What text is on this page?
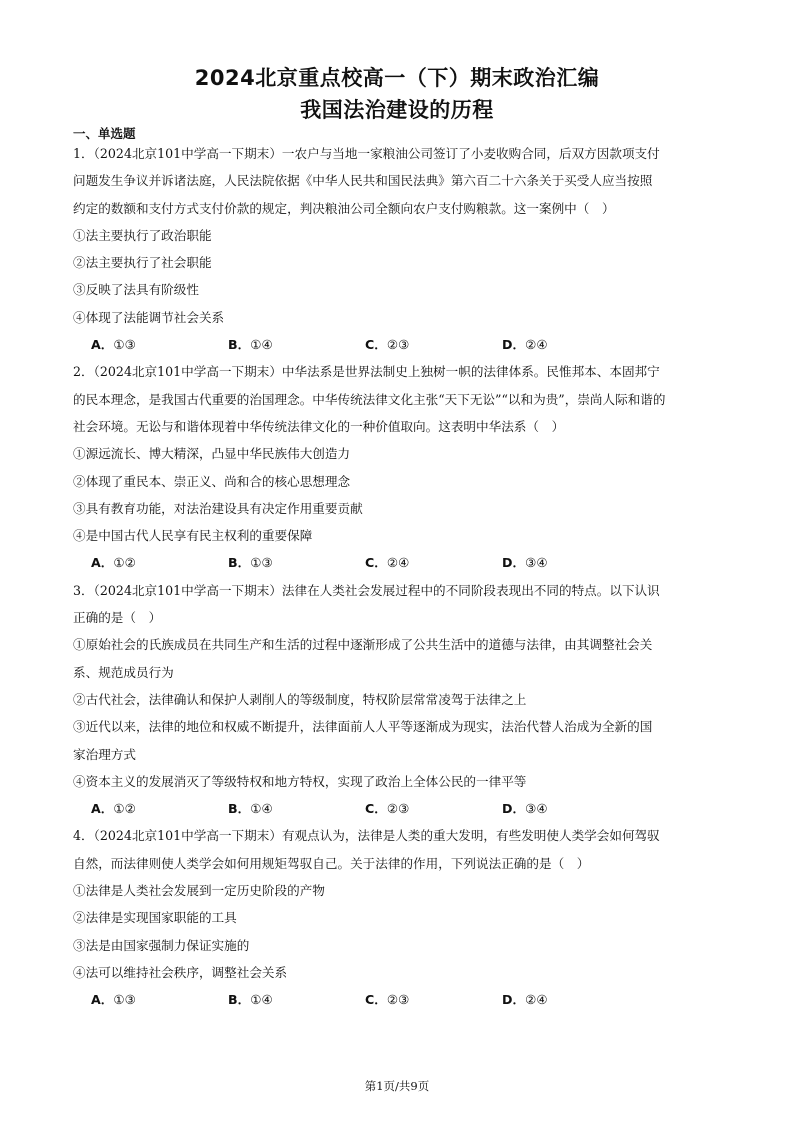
2024北京重点校高一（下）期末政治汇编
我国法治建设的历程
一、单选题
1．（2024北京101中学高一下期末）一农户与当地一家粮油公司签订了小麦收购合同，后双方因款项支付
问题发生争议并诉诸法庭，人民法院依据《中华人民共和国民法典》第六百二十六条关于买受人应当按照
约定的数额和支付方式支付价款的规定，判决粮油公司全额向农户支付购粮款。这一案例中（　）
①法主要执行了政治职能
②法主要执行了社会职能
③反映了法具有阶级性
④体现了法能调节社会关系
A．①③	B．①④	C．②③	D．②④
2．（2024北京101中学高一下期末）中华法系是世界法制史上独树一帜的法律体系。民惟邦本、本固邦宁
的民本理念，是我国古代重要的治国理念。中华传统法律文化主张“天下无讼”“以和为贵”，崇尚人际和谐的
社会环境。无讼与和谐体现着中华传统法律文化的一种价值取向。这表明中华法系（　）
①源远流长、博大精深，凸显中华民族伟大创造力
②体现了重民本、崇正义、尚和合的核心思想理念
③具有教育功能，对法治建设具有决定作用重要贡献
④是中国古代人民享有民主权利的重要保障
A．①②	B．①③	C．②④	D．③④
3．（2024北京101中学高一下期末）法律在人类社会发展过程中的不同阶段表现出不同的特点。以下认识
正确的是（　）
①原始社会的氏族成员在共同生产和生活的过程中逐渐形成了公共生活中的道德与法律，由其调整社会关
系、规范成员行为
②古代社会，法律确认和保护人剥削人的等级制度，特权阶层常常凌驾于法律之上
③近代以来，法律的地位和权威不断提升，法律面前人人平等逐渐成为现实，法治代替人治成为全新的国
家治理方式
④资本主义的发展消灭了等级特权和地方特权，实现了政治上全体公民的一律平等
A．①②	B．①④	C．②③	D．③④
4．（2024北京101中学高一下期末）有观点认为，法律是人类的重大发明，有些发明使人类学会如何驾驭
自然，而法律则使人类学会如何用规矩驾驭自己。关于法律的作用，下列说法正确的是（　）
①法律是人类社会发展到一定历史阶段的产物
②法律是实现国家职能的工具
③法是由国家强制力保证实施的
④法可以维持社会秩序，调整社会关系
A．①③	B．①④	C．②③	D．②④
第1页/共9页
